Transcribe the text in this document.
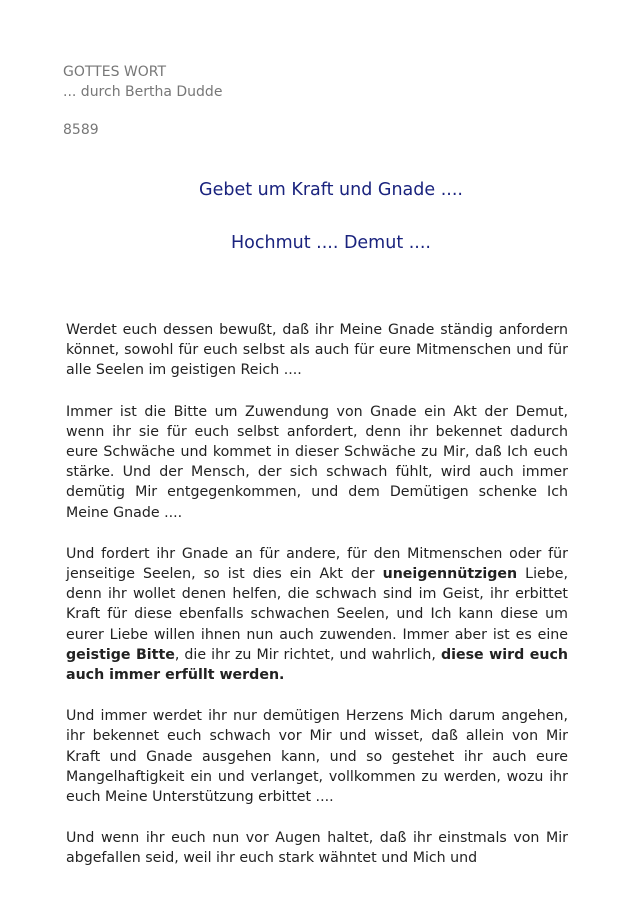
GOTTES WORT
... durch Bertha Dudde
8589
Gebet um Kraft und Gnade ....
Hochmut .... Demut ....

Werdet euch dessen bewußt, daß ihr Meine Gnade ständig anfordern könnet, sowohl für euch selbst als auch für eure Mitmenschen und für alle Seelen im geistigen Reich ....

Immer ist die Bitte um Zuwendung von Gnade ein Akt der Demut, wenn ihr sie für euch selbst anfordert, denn ihr bekennet dadurch eure Schwäche und kommet in dieser Schwäche zu Mir, daß Ich euch stärke. Und der Mensch, der sich schwach fühlt, wird auch immer demütig Mir entgegenkommen, und dem Demütigen schenke Ich Meine Gnade ....

Und fordert ihr Gnade an für andere, für den Mitmenschen oder für jenseitige Seelen, so ist dies ein Akt der uneigennützigen Liebe, denn ihr wollet denen helfen, die schwach sind im Geist, ihr erbittet Kraft für diese ebenfalls schwachen Seelen, und Ich kann diese um eurer Liebe willen ihnen nun auch zuwenden. Immer aber ist es eine geistige Bitte, die ihr zu Mir richtet, und wahrlich, diese wird euch auch immer erfüllt werden.

Und immer werdet ihr nur demütigen Herzens Mich darum angehen, ihr bekennet euch schwach vor Mir und wisset, daß allein von Mir Kraft und Gnade ausgehen kann, und so gestehet ihr auch eure Mangelhaftigkeit ein und verlanget, vollkommen zu werden, wozu ihr euch Meine Unterstützung erbittet ....

Und wenn ihr euch nun vor Augen haltet, daß ihr einstmals von Mir abgefallen seid, weil ihr euch stark wähntet und Mich und
